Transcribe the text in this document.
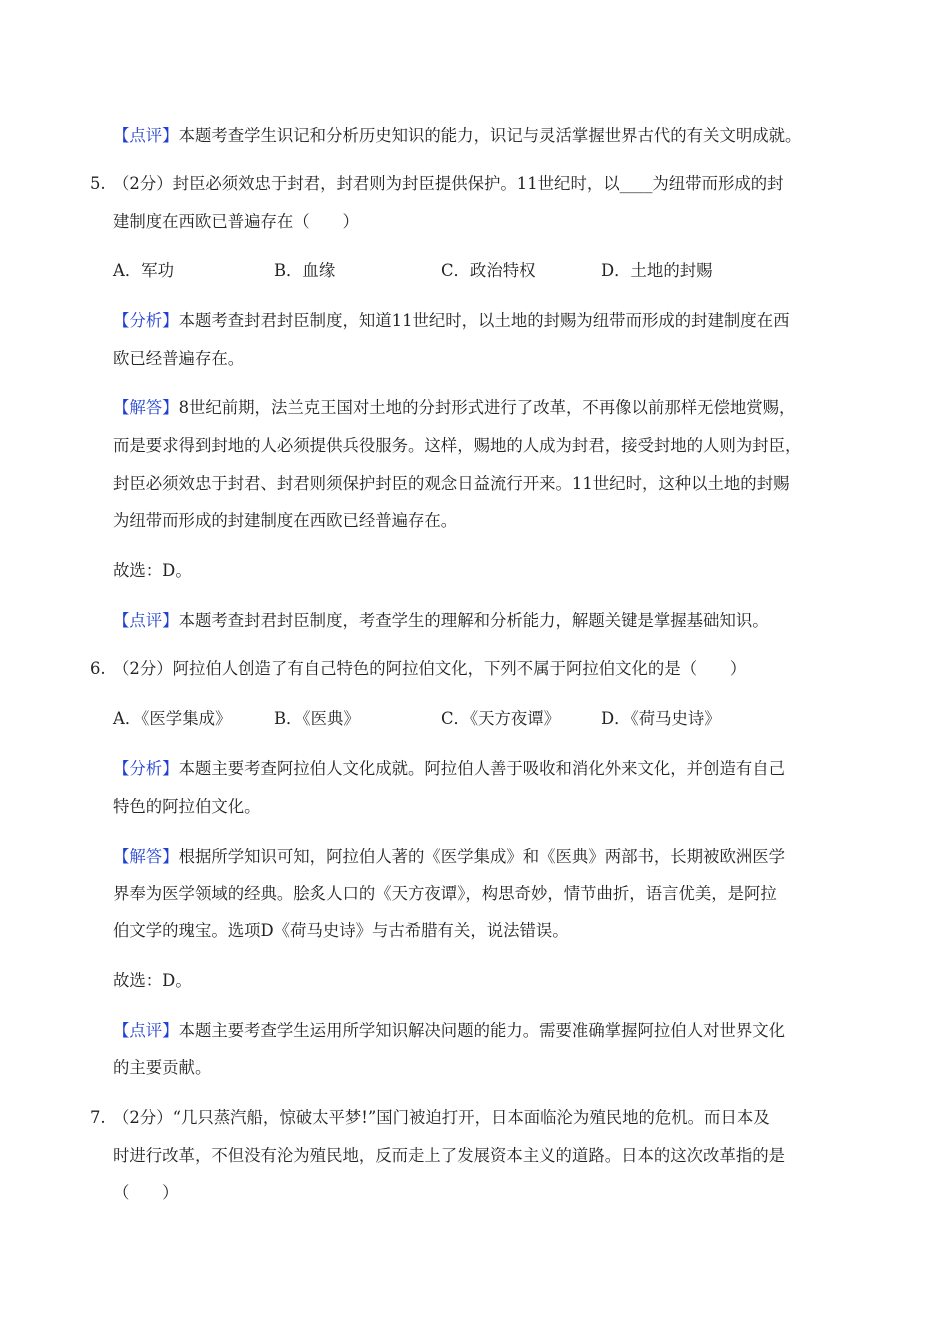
【点评】本题考查学生识记和分析历史知识的能力，识记与灵活掌握世界古代的有关文明成就。
5. （2分）封臣必须效忠于封君，封君则为封臣提供保护。11世纪时，以____为纽带而形成的封
建制度在西欧已普遍存在（　　）
A．军功	B．血缘	C．政治特权	D．土地的封赐
【分析】本题考查封君封臣制度，知道11世纪时，以土地的封赐为纽带而形成的封建制度在西
欧已经普遍存在。
【解答】8世纪前期，法兰克王国对土地的分封形式进行了改革，不再像以前那样无偿地赏赐，
而是要求得到封地的人必须提供兵役服务。这样，赐地的人成为封君，接受封地的人则为封臣，
封臣必须效忠于封君、封君则须保护封臣的观念日益流行开来。11世纪时，这种以土地的封赐
为纽带而形成的封建制度在西欧已经普遍存在。
故选：D。
【点评】本题考查封君封臣制度，考查学生的理解和分析能力，解题关键是掌握基础知识。
6. （2分）阿拉伯人创造了有自己特色的阿拉伯文化，下列不属于阿拉伯文化的是（　　）
A．《医学集成》	B．《医典》	C．《天方夜谭》 D．《荷马史诗》
【分析】本题主要考查阿拉伯人文化成就。阿拉伯人善于吸收和消化外来文化，并创造有自己
特色的阿拉伯文化。
【解答】根据所学知识可知，阿拉伯人著的《医学集成》和《医典》两部书，长期被欧洲医学
界奉为医学领域的经典。脍炙人口的《天方夜谭》，构思奇妙，情节曲折，语言优美，是阿拉
伯文学的瑰宝。选项D《荷马史诗》与古希腊有关，说法错误。
故选：D。
【点评】本题主要考查学生运用所学知识解决问题的能力。需要准确掌握阿拉伯人对世界文化
的主要贡献。
7. （2分）“几只蒸汽船，惊破太平梦!”国门被迫打开，日本面临沦为殖民地的危机。而日本及
时进行改革，不但没有沦为殖民地，反而走上了发展资本主义的道路。日本的这次改革指的是
（　　）
